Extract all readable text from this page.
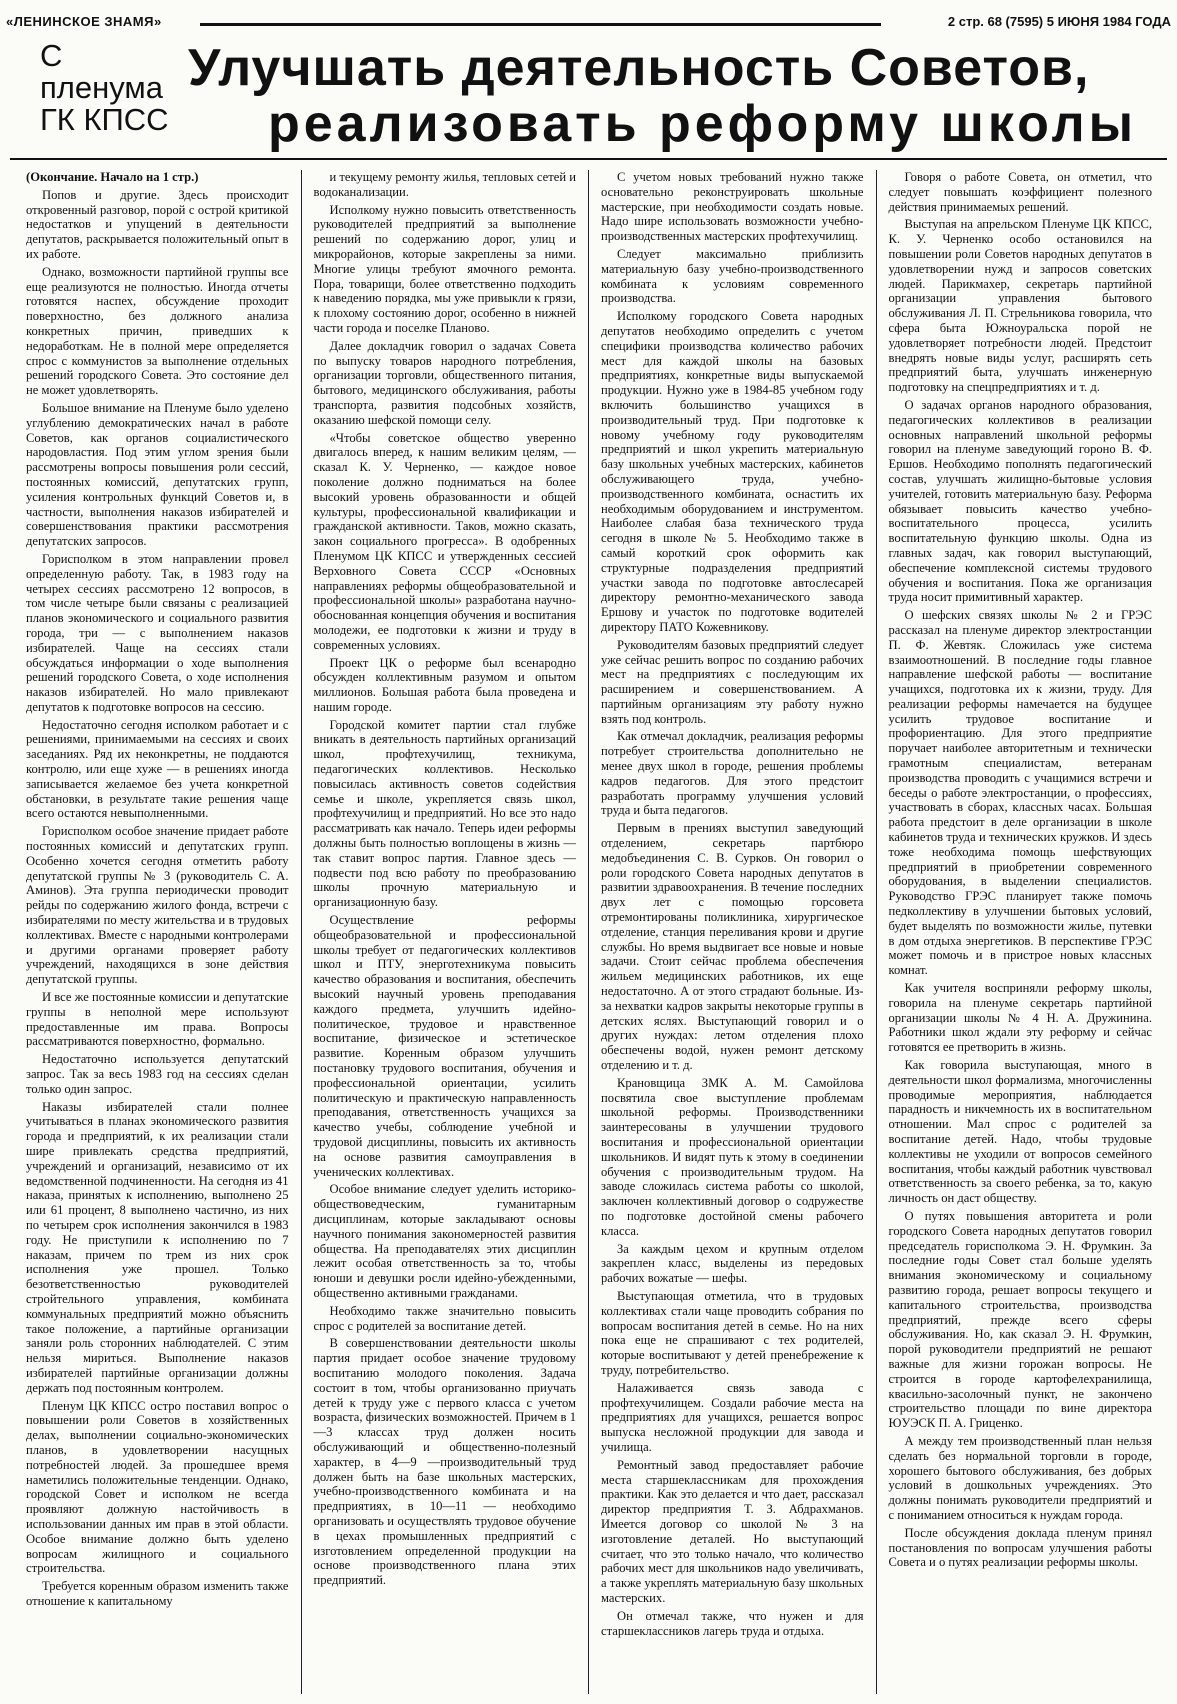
«ЛЕНИНСКОЕ ЗНАМЯ»	2 стр. 68 (7595) 5 ИЮНЯ 1984 ГОДА
С пленума
ГК КПСС
Улучшать деятельность Советов,
реализовать реформу школы

(Окончание. Начало на 1 стр.)

Попов и другие. Здесь происходит откровенный разговор, порой с острой критикой недостатков и упущений в деятельности депутатов, раскрывается положительный опыт в их работе.

Однако, возможности партийной группы все еще реализуются не полностью. Иногда отчеты готовятся наспех, обсуждение проходит поверхностно, без должного анализа конкретных причин, приведших к недоработкам. Не в полной мере определяется спрос с коммунистов за выполнение отдельных решений городского Совета. Это состояние дел не может удовлетворять.

Большое внимание на Пленуме было уделено углублению демократических начал в работе Советов, как органов социалистического народовластия. Под этим углом зрения были рассмотрены вопросы повышения роли сессий, постоянных комиссий, депутатских групп, усиления контрольных функций Советов и, в частности, выполнения наказов избирателей и совершенствования практики рассмотрения депутатских запросов.

Горисполком в этом направлении провел определенную работу. Так, в 1983 году на четырех сессиях рассмотрено 12 вопросов, в том числе четыре были связаны с реализацией планов экономического и социального развития города, три — с выполнением наказов избирателей. Чаще на сессиях стали обсуждаться информации о ходе выполнения решений городского Совета, о ходе исполнения наказов избирателей. Но мало привлекают депутатов к подготовке вопросов на сессию.

Недостаточно сегодня исполком работает и с решениями, принимаемыми на сессиях и своих заседаниях. Ряд их неконкретны, не поддаются контролю, или еще хуже — в решениях иногда записывается желаемое без учета конкретной обстановки, в результате такие решения чаще всего остаются невыполненными.

Горисполком особое значение придает работе постоянных комиссий и депутатских групп. Особенно хочется сегодня отметить работу депутатской группы № 3 (руководитель С. А. Аминов). Эта группа периодически проводит рейды по содержанию жилого фонда, встречи с избирателями по месту жительства и в трудовых коллективах. Вместе с народными контролерами и другими органами проверяет работу учреждений, находящихся в зоне действия депутатской группы.

И все же постоянные комиссии и депутатские группы в неполной мере используют предоставленные им права. Вопросы рассматриваются поверхностно, формально.

Недостаточно используется депутатский запрос. Так за весь 1983 год на сессиях сделан только один запрос.

Наказы избирателей стали полнее учитываться в планах экономического развития города и предприятий, к их реализации стали шире привлекать средства предприятий, учреждений и организаций, независимо от их ведомственной подчиненности. На сегодня из 41 наказа, принятых к исполнению, выполнено 25 или 61 процент, 8 выполнено частично, из них по четырем срок исполнения закончился в 1983 году. Не приступили к исполнению по 7 наказам, причем по трем из них срок исполнения уже прошел. Только безответственностью руководителей стройтельного управления, комбината коммунальных предприятий можно объяснить такое положение, а партийные организации заняли роль сторонних наблюдателей. С этим нельзя мириться. Выполнение наказов избирателей партийные организации должны держать под постоянным контролем.

Пленум ЦК КПСС остро поставил вопрос о повышении роли Советов в хозяйственных делах, выполнении социально-экономических планов, в удовлетворении насущных потребностей людей. За прошедшее время наметились положительные тенденции. Однако, городской Совет и исполком не всегда проявляют должную настойчивость в использовании данных им прав в этой области. Особое внимание должно быть уделено вопросам жилищного и социального строительства.

Требуется коренным образом изменить также отношение к капитальному

и текущему ремонту жилья, тепловых сетей и водоканализации.

Исполкому нужно повысить ответственность руководителей предприятий за выполнение решений по содержанию дорог, улиц и микрорайонов, которые закреплены за ними. Многие улицы требуют ямочного ремонта. Пора, товарищи, более ответственно подходить к наведению порядка, мы уже привыкли к грязи, к плохому состоянию дорог, особенно в нижней части города и поселке Планово.

Далее докладчик говорил о задачах Совета по выпуску товаров народного потребления, организации торговли, общественного питания, бытового, медицинского обслуживания, работы транспорта, развития подсобных хозяйств, оказанию шефской помощи селу.

«Чтобы советское общество уверенно двигалось вперед, к нашим великим целям, — сказал К. У. Черненко, — каждое новое поколение должно подниматься на более высокий уровень образованности и общей культуры, профессиональной квалификации и гражданской активности. Таков, можно сказать, закон социального прогресса». В одобренных Пленумом ЦК КПСС и утвержденных сессией Верховного Совета СССР «Основных направлениях реформы общеобразовательной и профессиональной школы» разработана научно-обоснованная концепция обучения и воспитания молодежи, ее подготовки к жизни и труду в современных условиях.

Проект ЦК о реформе был всенародно обсужден коллективным разумом и опытом миллионов. Большая работа была проведена и нашим городе.

Городской комитет партии стал глубже вникать в деятельность партийных организаций школ, профтехучилищ, техникума, педагогических коллективов. Несколько повысилась активность советов содействия семье и школе, укрепляется связь школ, профтехучилищ и предприятий. Но все это надо рассматривать как начало. Теперь идеи реформы должны быть полностью воплощены в жизнь — так ставит вопрос партия. Главное здесь — подвести под всю работу по преобразованию школы прочную материальную и организационную базу.

Осуществление реформы общеобразовательной и профессиональной школы требует от педагогических коллективов школ и ПТУ, энерготехникума повысить качество образования и воспитания, обеспечить высокий научный уровень преподавания каждого предмета, улучшить идейно-политическое, трудовое и нравственное воспитание, физическое и эстетическое развитие. Коренным образом улучшить постановку трудового воспитания, обучения и профессиональной ориентации, усилить политическую и практическую направленность преподавания, ответственность учащихся за качество учебы, соблюдение учебной и трудовой дисциплины, повысить их активность на основе развития самоуправления в ученических коллективах.

Особое внимание следует уделить историко-обществоведческим, гуманитарным дисциплинам, которые закладывают основы научного понимания закономерностей развития общества. На преподавателях этих дисциплин лежит особая ответственность за то, чтобы юноши и девушки росли идейно-убежденными, общественно активными гражданами.

Необходимо также значительно повысить спрос с родителей за воспитание детей.

В совершенствовании деятельности школы партия придает особое значение трудовому воспитанию молодого поколения. Задача состоит в том, чтобы организованно приучать детей к труду уже с первого класса с учетом возраста, физических возможностей. Причем в 1—3 классах труд должен носить обслуживающий и общественно-полезный характер, в 4—9 —производительный труд должен быть на базе школьных мастерских, учебно-производственного комбината и на предприятиях, в 10—11 — необходимо организовать и осуществлять трудовое обучение в цехах промышленных предприятий с изготовлением определенной продукции на основе производственного плана этих предприятий.

С учетом новых требований нужно также основательно реконструировать школьные мастерские, при необходимости создать новые. Надо шире использовать возможности учебно-производственных мастерских профтехучилищ.

Следует максимально приблизить материальную базу учебно-производственного комбината к условиям современного производства.

Исполкому городского Совета народных депутатов необходимо определить с учетом специфики производства количество рабочих мест для каждой школы на базовых предприятиях, конкретные виды выпускаемой продукции. Нужно уже в 1984-85 учебном году включить большинство учащихся в производительный труд. При подготовке к новому учебному году руководителям предприятий и школ укрепить материальную базу школьных учебных мастерских, кабинетов обслуживающего труда, учебно-производственного комбината, оснастить их необходимым оборудованием и инструментом. Наиболее слабая база технического труда сегодня в школе № 5. Необходимо также в самый короткий срок оформить как структурные подразделения предприятий участки завода по подготовке автослесарей директору ремонтно-механического завода Ершову и участок по подготовке водителей директору ПАТО Кожевникову.

Руководителям базовых предприятий следует уже сейчас решить вопрос по созданию рабочих мест на предприятиях с последующим их расширением и совершенствованием. А партийным организациям эту работу нужно взять под контроль.

Как отмечал докладчик, реализация реформы потребует строительства дополнительно не менее двух школ в городе, решения проблемы кадров педагогов. Для этого предстоит разработать программу улучшения условий труда и быта педагогов.

Первым в прениях выступил заведующий отделением, секретарь партбюро медобъединения С. В. Сурков. Он говорил о роли городского Совета народных депутатов в развитии здравоохранения. В течение последних двух лет с помощью горсовета отремонтированы поликлиника, хирургическое отделение, станция переливания крови и другие службы. Но время выдвигает все новые и новые задачи. Стоит сейчас проблема обеспечения жильем медицинских работников, их еще недостаточно. А от этого страдают больные. Из-за нехватки кадров закрыты некоторые группы в детских яслях. Выступающий говорил и о других нуждах: летом отделения плохо обеспечены водой, нужен ремонт детскому отделению и т. д.

Крановщица ЗМК А. М. Самойлова посвятила свое выступление проблемам школьной реформы. Производственники заинтересованы в улучшении трудового воспитания и профессиональной ориентации школьников. И видят путь к этому в соединении обучения с производительным трудом. На заводе сложилась система работы со школой, заключен коллективный договор о содружестве по подготовке достойной смены рабочего класса.

За каждым цехом и крупным отделом закреплен класс, выделены из передовых рабочих вожатые — шефы.

Выступающая отметила, что в трудовых коллективах стали чаще проводить собрания по вопросам воспитания детей в семье. Но на них пока еще не спрашивают с тех родителей, которые воспитывают у детей пренебрежение к труду, потребительство.

Налаживается связь завода с профтехучилищем. Создали рабочие места на предприятиях для учащихся, решается вопрос выпуска несложной продукции для завода и училища.

Ремонтный завод предоставляет рабочие места старшеклассникам для прохождения практики. Как это делается и что дает, рассказал директор предприятия Т. З. Абдрахманов. Имеется договор со школой № 3 на изготовление деталей. Но выступающий считает, что это только начало, что количество рабочих мест для школьников надо увеличивать, а также укреплять материальную базу школьных мастерских.

Он отмечал также, что нужен и для старшеклассников лагерь труда и отдыха.

Говоря о работе Совета, он отметил, что следует повышать коэффициент полезного действия принимаемых решений.

Выступая на апрельском Пленуме ЦК КПСС, К. У. Черненко особо остановился на повышении роли Советов народных депутатов в удовлетворении нужд и запросов советских людей. Парикмахер, секретарь партийной организации управления бытового обслуживания Л. П. Стрельникова говорила, что сфера быта Южноуральска порой не удовлетворяет потребности людей. Предстоит внедрять новые виды услуг, расширять сеть предприятий быта, улучшать инженерную подготовку на спецпредприятиях и т. д.

О задачах органов народного образования, педагогических коллективов в реализации основных направлений школьной реформы говорил на пленуме заведующий гороно В. Ф. Ершов. Необходимо пополнять педагогический состав, улучшать жилищно-бытовые условия учителей, готовить материальную базу. Реформа обязывает повысить качество учебно-воспитательного процесса, усилить воспитательную функцию школы. Одна из главных задач, как говорил выступающий, обеспечение комплексной системы трудового обучения и воспитания. Пока же организация труда носит примитивный характер.

О шефских связях школы № 2 и ГРЭС рассказал на пленуме директор электростанции П. Ф. Жевтяк. Сложилась уже система взаимоотношений. В последние годы главное направление шефской работы — воспитание учащихся, подготовка их к жизни, труду. Для реализации реформы намечается на будущее усилить трудовое воспитание и профориентацию. Для этого предприятие поручает наиболее авторитетным и технически грамотным специалистам, ветеранам производства проводить с учащимися встречи и беседы о работе электростанции, о профессиях, участвовать в сборах, классных часах. Большая работа предстоит в деле организации в школе кабинетов труда и технических кружков. И здесь тоже необходима помощь шефствующих предприятий в приобретении современного оборудования, в выделении специалистов. Руководство ГРЭС планирует также помочь педколлективу в улучшении бытовых условий, будет выделять по возможности жилье, путевки в дом отдыха энергетиков. В перспективе ГРЭС может помочь и в пристрое новых классных комнат.

Как учителя восприняли реформу школы, говорила на пленуме секретарь партийной организации школы № 4 Н. А. Дружинина. Работники школ ждали эту реформу и сейчас готовятся ее претворить в жизнь.

Как говорила выступающая, много в деятельности школ формализма, многочисленны проводимые мероприятия, наблюдается парадность и никчемность их в воспитательном отношении. Мал спрос с родителей за воспитание детей. Надо, чтобы трудовые коллективы не уходили от вопросов семейного воспитания, чтобы каждый работник чувствовал ответственность за своего ребенка, за то, какую личность он даст обществу.

О путях повышения авторитета и роли городского Совета народных депутатов говорил председатель горисполкома Э. Н. Фрумкин. За последние годы Совет стал больше уделять внимания экономическому и социальному развитию города, решает вопросы текущего и капитального строительства, производства предприятий, прежде всего сферы обслуживания. Но, как сказал Э. Н. Фрумкин, порой руководители предприятий не решают важные для жизни горожан вопросы. Не строится в городе картофелехранилища, квасильно-засолочный пункт, не закончено строительство площади по вине директора ЮУЭСК П. А. Гриценко.

А между тем производственный план нельзя сделать без нормальной торговли в городе, хорошего бытового обслуживания, без добрых условий в дошкольных учреждениях. Это должны понимать руководители предприятий и с пониманием относиться к нуждам города.

После обсуждения доклада пленум принял постановления по вопросам улучшения работы Совета и о путях реализации реформы школы.
